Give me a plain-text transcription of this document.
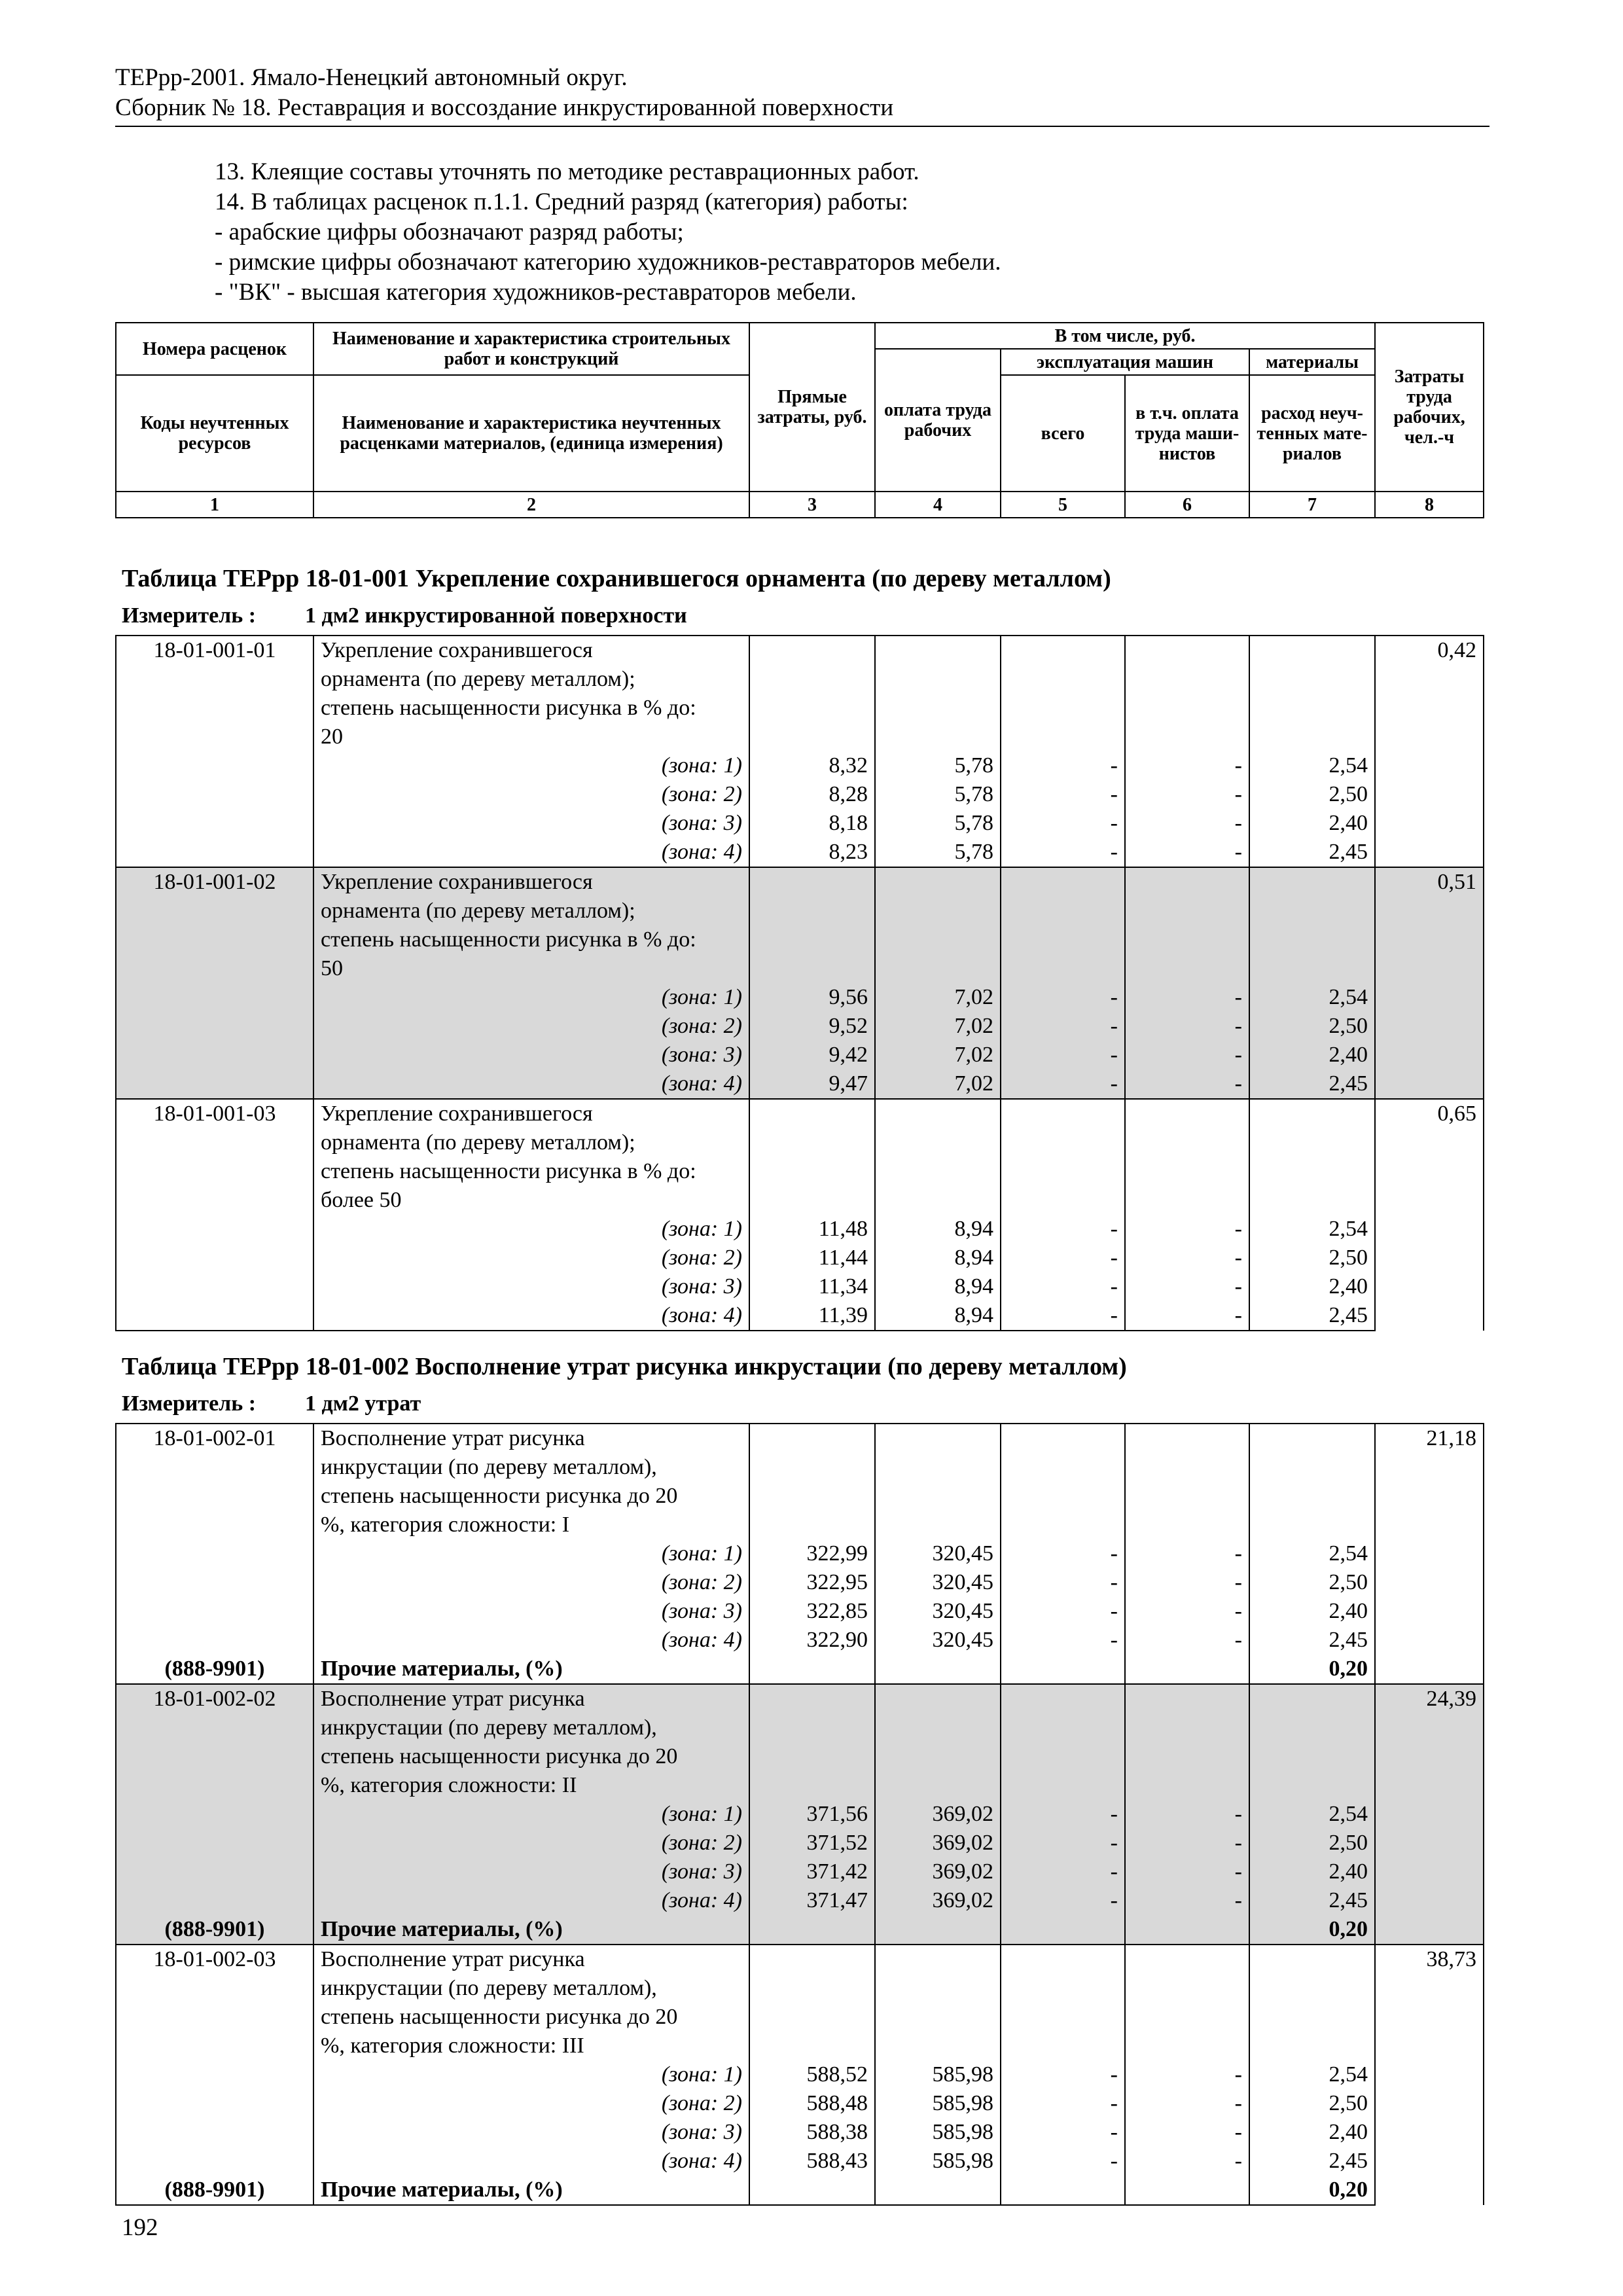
ТЕРрр-2001. Ямало-Ненецкий автономный округ.
Сборник № 18. Реставрация и воссоздание инкрустированной поверхности
13. Клеящие составы уточнять по методике реставрационных работ.
14. В таблицах расценок п.1.1. Средний разряд (категория) работы:
- арабские цифры обозначают разряд работы;
- римские цифры обозначают категорию художников-реставраторов мебели.
- "ВК" - высшая категория художников-реставраторов мебели.
Номера расценок	Наименование и характеристика строительных работ и конструкций	Прямые затраты, руб.	В том числе, руб.				Затраты труда рабочих, чел.-ч
			оплата труда рабочих	эксплуатация машин		материалы	
Коды неучтенных ресурсов	Наименование и характеристика неучтенных расценками материалов, (единица измерения)			всего	в т.ч. оплата труда маши-нистов	расход неуч-тенных мате-риалов	

1	2	3	4	5	6	7	8
Таблица ТЕРрр 18-01-001 Укрепление сохранившегося орнамента (по дереву металлом)
Измеритель : 1 дм2 инкрустированной поверхности
18-01-001-01	Укрепление сохранившегося						0,42
	орнамента (по дереву металлом);						
	степень насыщенности рисунка в % до:						
	20						
	(зона: 1)	8,32	5,78	-	-	2,54	
	(зона: 2)	8,28	5,78	-	-	2,50	
	(зона: 3)	8,18	5,78	-	-	2,40	
	(зона: 4)	8,23	5,78	-	-	2,45	
18-01-001-02	Укрепление сохранившегося						0,51
	орнамента (по дереву металлом);						
	степень насыщенности рисунка в % до:						
	50						
	(зона: 1)	9,56	7,02	-	-	2,54	
	(зона: 2)	9,52	7,02	-	-	2,50	
	(зона: 3)	9,42	7,02	-	-	2,40	
	(зона: 4)	9,47	7,02	-	-	2,45	
18-01-001-03	Укрепление сохранившегося						0,65
	орнамента (по дереву металлом);						
	степень насыщенности рисунка в % до:						
	более 50						
	(зона: 1)	11,48	8,94	-	-	2,54	
	(зона: 2)	11,44	8,94	-	-	2,50	
	(зона: 3)	11,34	8,94	-	-	2,40	
	(зона: 4)	11,39	8,94	-	-	2,45	
Таблица ТЕРрр 18-01-002 Восполнение утрат рисунка инкрустации (по дереву металлом)
Измеритель : 1 дм2 утрат
18-01-002-01	Восполнение утрат рисунка						21,18
	инкрустации (по дереву металлом),						
	степень насыщенности рисунка до 20						
	%, категория сложности: I						
	(зона: 1)	322,99	320,45	-	-	2,54	
	(зона: 2)	322,95	320,45	-	-	2,50	
	(зона: 3)	322,85	320,45	-	-	2,40	
	(зона: 4)	322,90	320,45	-	-	2,45	
(888-9901)	Прочие материалы, (%)					0,20	
18-01-002-02	Восполнение утрат рисунка						24,39
	инкрустации (по дереву металлом),						
	степень насыщенности рисунка до 20						
	%, категория сложности: II						
	(зона: 1)	371,56	369,02	-	-	2,54	
	(зона: 2)	371,52	369,02	-	-	2,50	
	(зона: 3)	371,42	369,02	-	-	2,40	
	(зона: 4)	371,47	369,02	-	-	2,45	
(888-9901)	Прочие материалы, (%)					0,20	
18-01-002-03	Восполнение утрат рисунка						38,73
	инкрустации (по дереву металлом),						
	степень насыщенности рисунка до 20						
	%, категория сложности: III						
	(зона: 1)	588,52	585,98	-	-	2,54	
	(зона: 2)	588,48	585,98	-	-	2,50	
	(зона: 3)	588,38	585,98	-	-	2,40	
	(зона: 4)	588,43	585,98	-	-	2,45	
(888-9901)	Прочие материалы, (%)					0,20	
192
